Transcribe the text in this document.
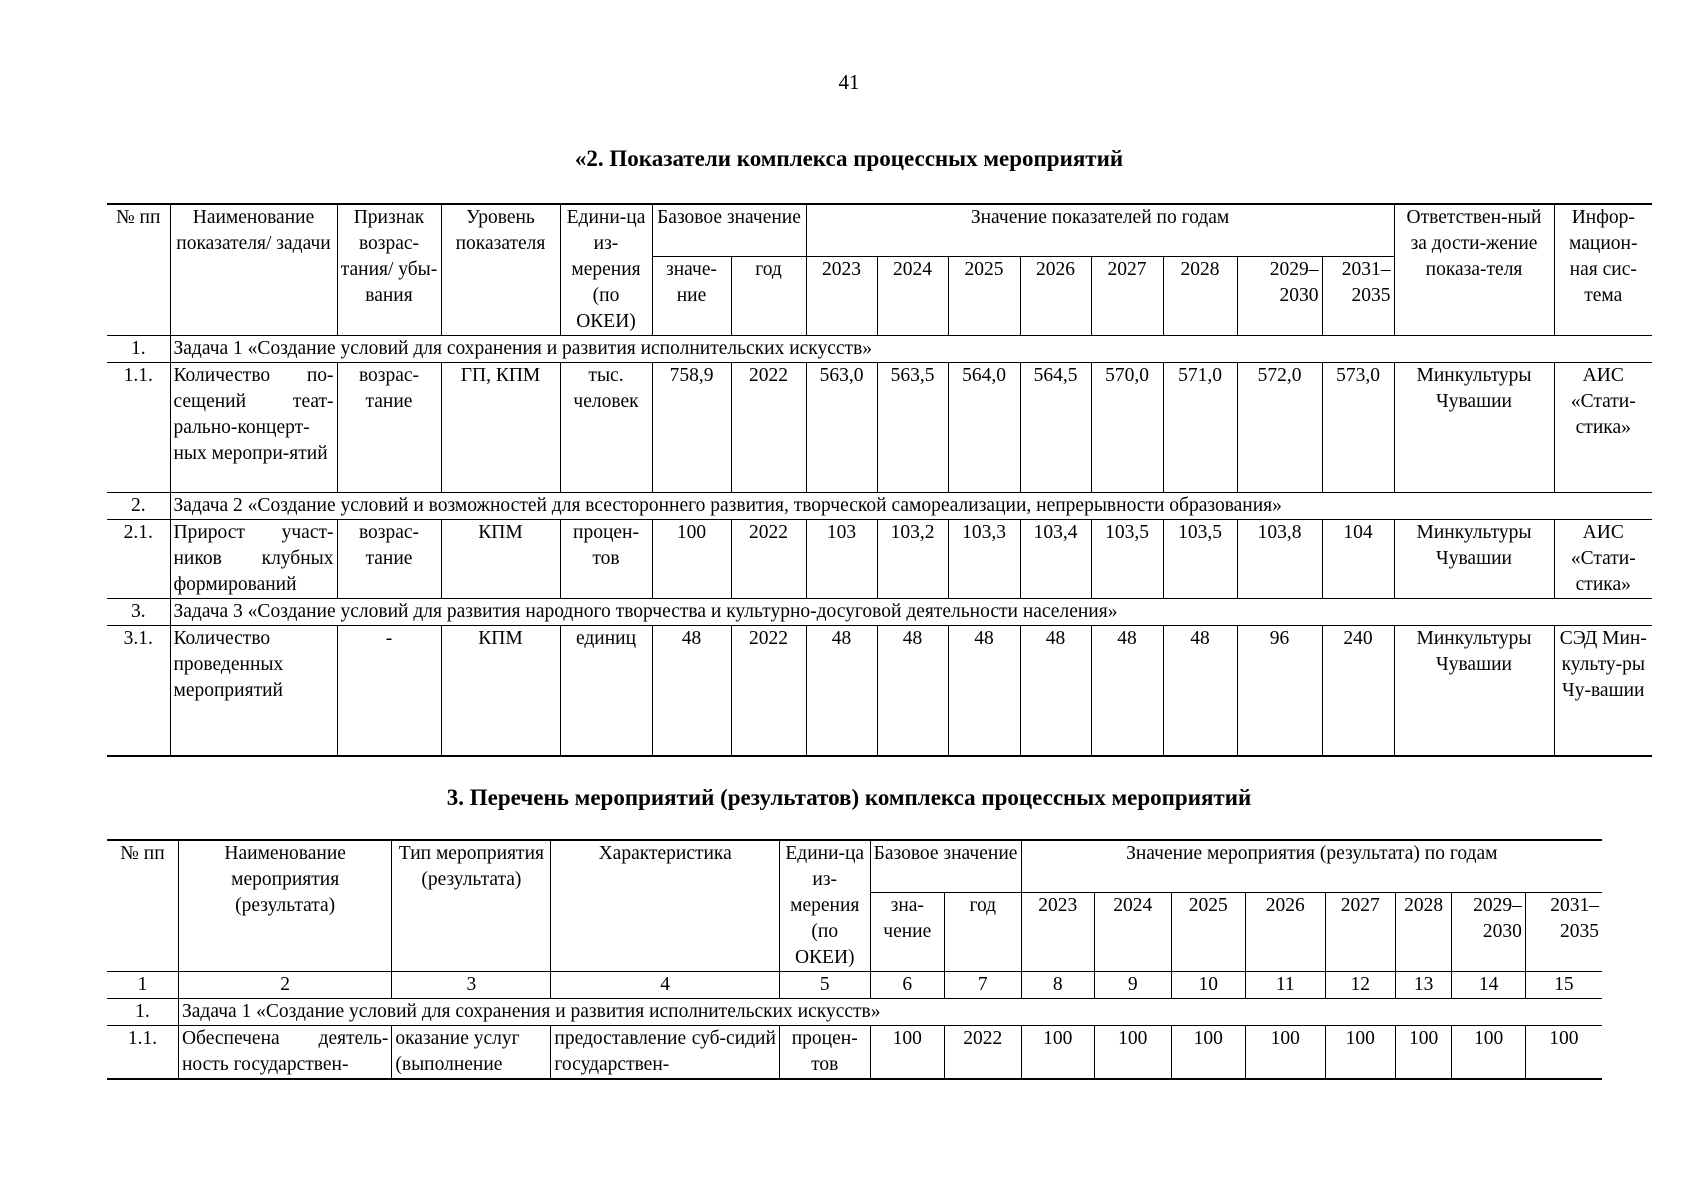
41
«2. Показатели комплекса процессных мероприятий
№ пп	Наименование показателя/ задачи	Признак возрас-тания/ убы-вания	Уровень показателя	Едини-ца из-мерения (по ОКЕИ)	Базовое значение		Значение показателей по годам								Ответствен-ный за дости-жение показа-теля	Инфор-мацион-ная сис-тема
					значе-ние	год	2023	2024	2025	2026	2027	2028	2029–2030	2031–2035		
1.	Задача 1 «Создание условий для сохранения и развития исполнительских искусств»															
1.1.	Количество по-сещений теат-рально-концерт-ных меропри-ятий	возрас-тание	ГП, КПМ	тыс. человек	758,9	2022	563,0	563,5	564,0	564,5	570,0	571,0	572,0	573,0	Минкультуры Чувашии	АИС «Стати-стика»
2.	Задача 2 «Создание условий и возможностей для всестороннего развития, творческой самореализации, непрерывности образования»															
2.1.	Прирост участ-ников клубных формирований	возрас-тание	КПМ	процен-тов	100	2022	103	103,2	103,3	103,4	103,5	103,5	103,8	104	Минкультуры Чувашии	АИС «Стати-стика»
3.	Задача 3 «Создание условий для развития народного творчества и культурно-досуговой деятельности населения»															
3.1.	Количество проведенных мероприятий	-	КПМ	единиц	48	2022	48	48	48	48	48	48	96	240	Минкультуры Чувашии	СЭД Мин-культу-ры Чу-вашии
3. Перечень мероприятий (результатов) комплекса процессных мероприятий
№ пп	Наименование мероприятия (результата)	Тип мероприятия (результата)	Характеристика	Едини-ца из-мерения (по ОКЕИ)	Базовое значение		Значение мероприятия (результата) по годам							
					зна-чение	год	2023	2024	2025	2026	2027	2028	2029–2030	2031–2035
1	2	3	4	5	6	7	8	9	10	11	12	13	14	15
1.	Задача 1 «Создание условий для сохранения и развития исполнительских искусств»													
1.1.	Обеспечена деятель-ность государствен-	оказание услуг (выполнение	предоставление суб-сидий государствен-	процен-тов	100	2022	100	100	100	100	100	100	100	100
